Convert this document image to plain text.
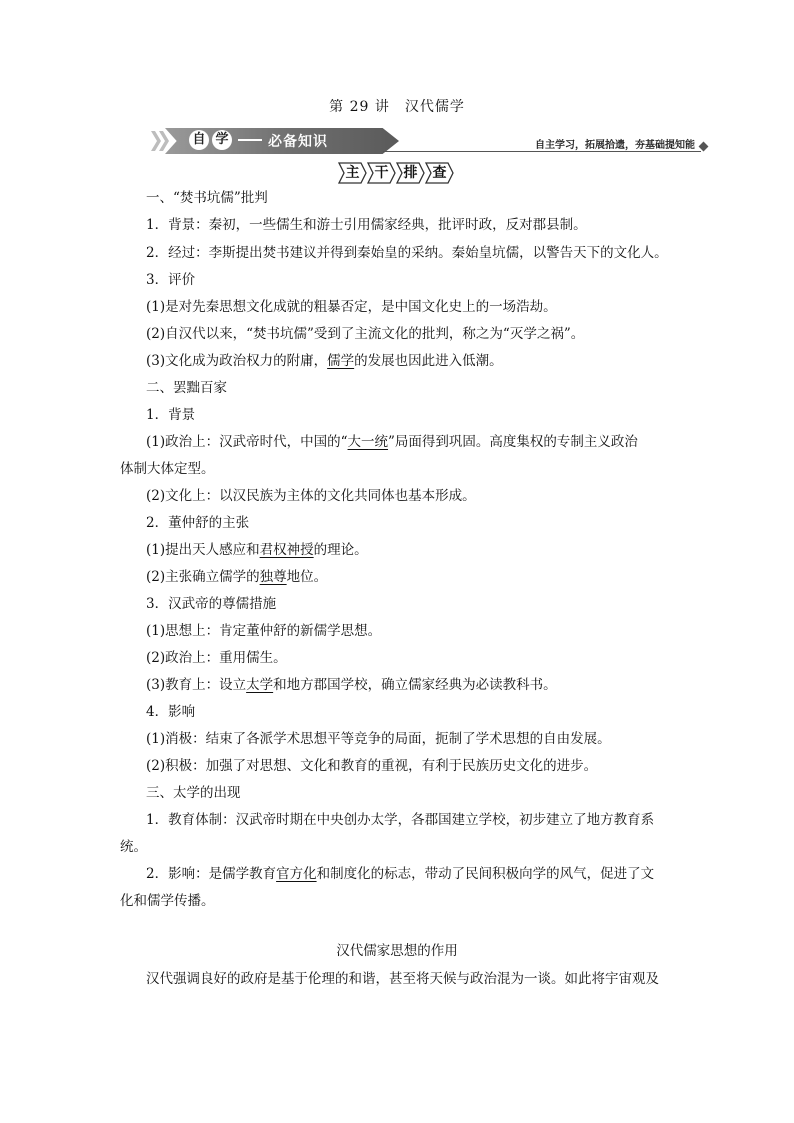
第 29 讲　汉代儒学
自 学	必备知识	自主学习，拓展拾遗，夯基础提知能
主	干	排	查
一、“焚书坑儒”批判
1．背景：秦初，一些儒生和游士引用儒家经典，批评时政，反对郡县制。
2．经过：李斯提出焚书建议并得到秦始皇的采纳。秦始皇坑儒，以警告天下的文化人。
3．评价
(1)是对先秦思想文化成就的粗暴否定，是中国文化史上的一场浩劫。
(2)自汉代以来，“焚书坑儒”受到了主流文化的批判，称之为“灭学之祸”。
(3)文化成为政治权力的附庸，儒学的发展也因此进入低潮。
二、罢黜百家
1．背景
(1)政治上：汉武帝时代，中国的“大一统”局面得到巩固。高度集权的专制主义政治
体制大体定型。
(2)文化上：以汉民族为主体的文化共同体也基本形成。
2．董仲舒的主张
(1)提出天人感应和君权神授的理论。
(2)主张确立儒学的独尊地位。
3．汉武帝的尊儒措施
(1)思想上：肯定董仲舒的新儒学思想。
(2)政治上：重用儒生。
(3)教育上：设立太学和地方郡国学校，确立儒家经典为必读教科书。
4．影响
(1)消极：结束了各派学术思想平等竞争的局面，扼制了学术思想的自由发展。
(2)积极：加强了对思想、文化和教育的重视，有利于民族历史文化的进步。
三、太学的出现
1．教育体制：汉武帝时期在中央创办太学，各郡国建立学校，初步建立了地方教育系
统。
2．影响：是儒学教育官方化和制度化的标志，带动了民间积极向学的风气，促进了文
化和儒学传播。
汉代儒家思想的作用
汉代强调良好的政府是基于伦理的和谐，甚至将天候与政治混为一谈。如此将宇宙观及
